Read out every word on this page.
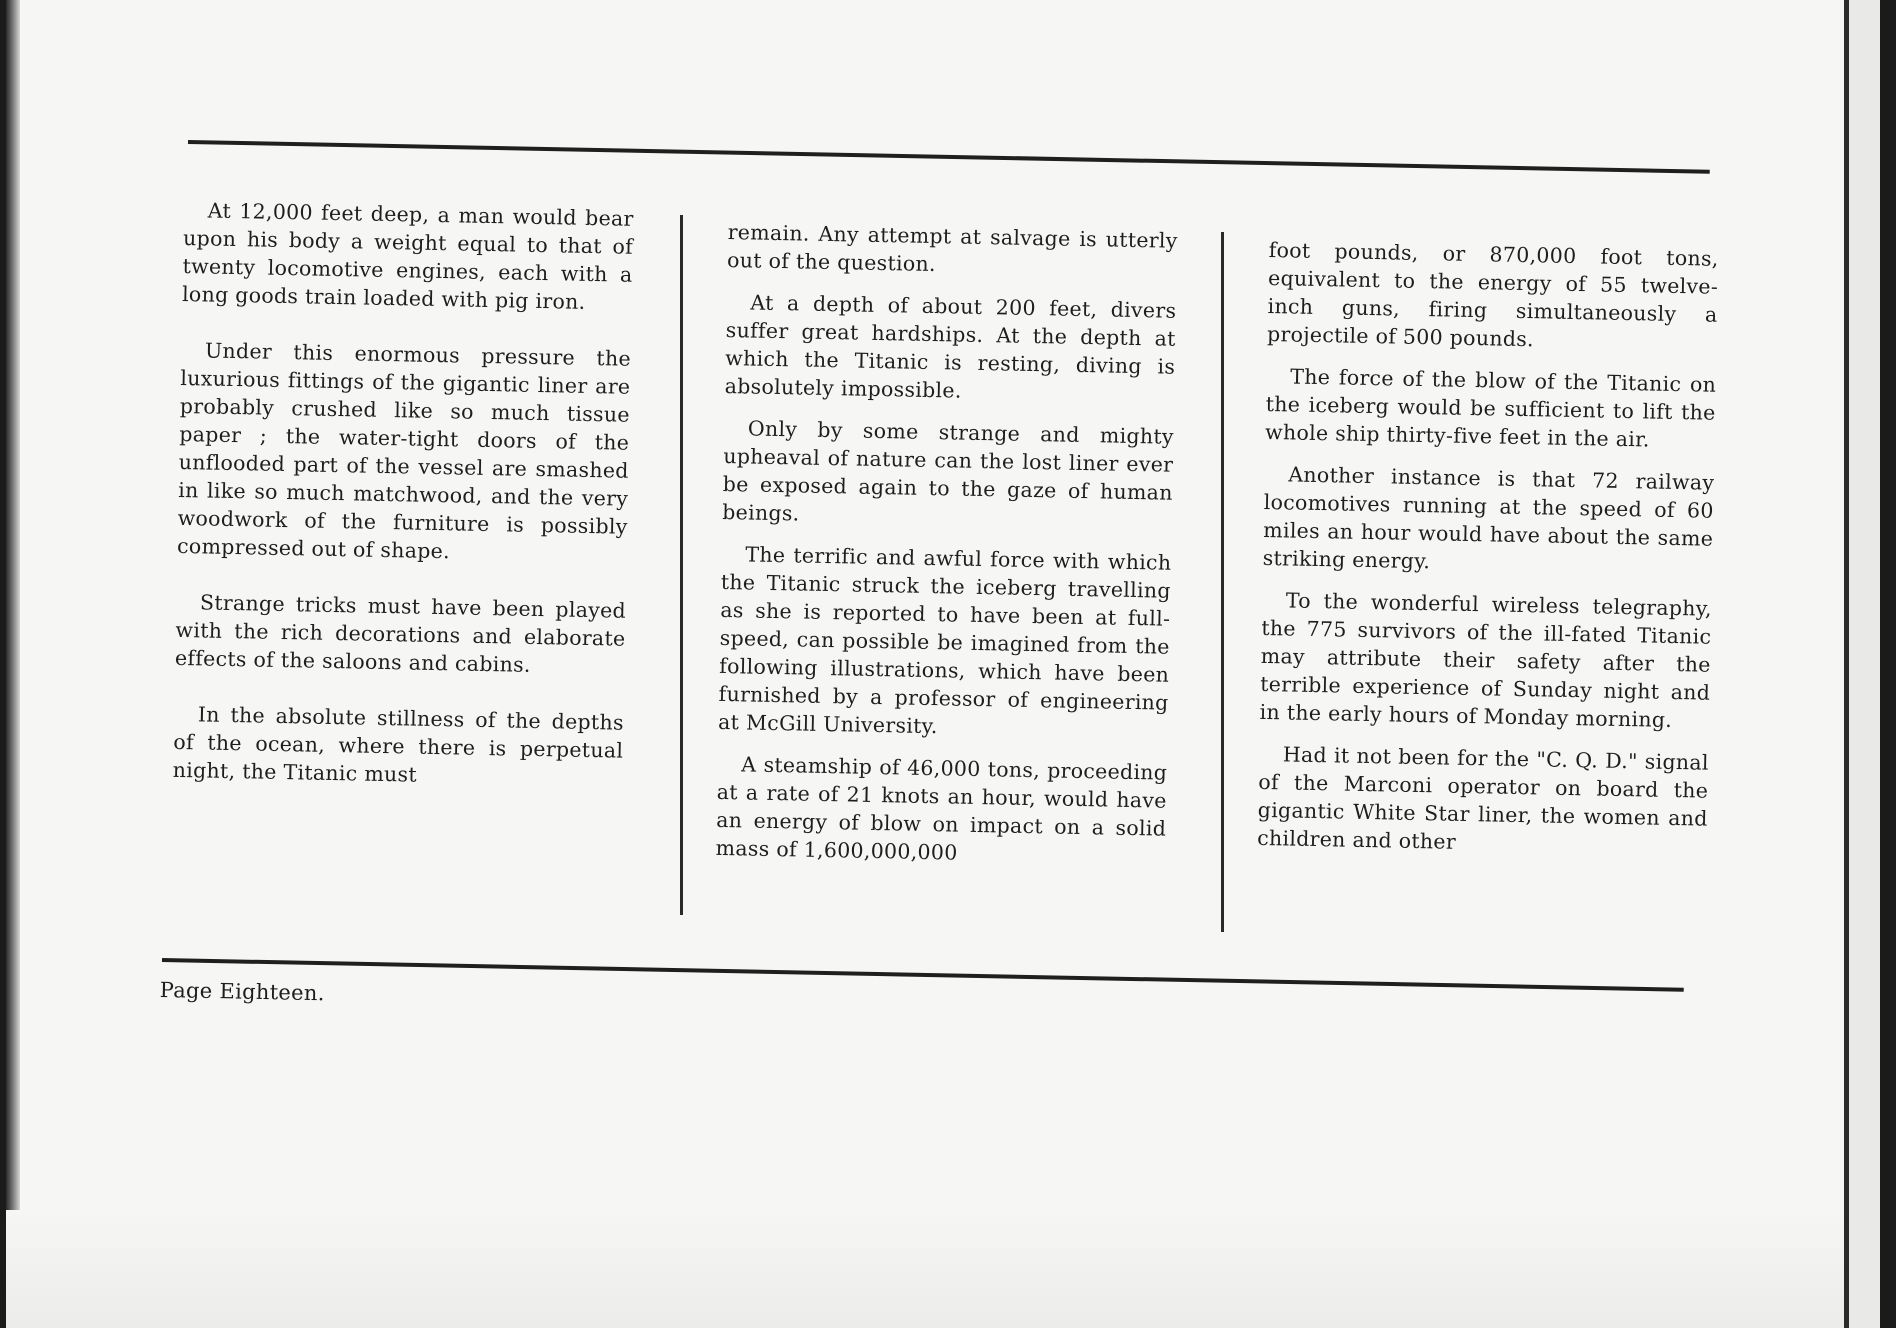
At 12,000 feet deep, a man would bear upon his body a weight equal to that of twenty locomotive engines, each with a long goods train loaded with pig iron.

Under this enormous pressure the luxurious fittings of the gigantic liner are probably crushed like so much tissue paper ; the water-tight doors of the unflooded part of the vessel are smashed in like so much matchwood, and the very woodwork of the furniture is possibly compressed out of shape.

Strange tricks must have been played with the rich decorations and elaborate effects of the saloons and cabins.

In the absolute stillness of the depths of the ocean, where there is perpetual night, the Titanic must

remain. Any attempt at salvage is utterly out of the question.

At a depth of about 200 feet, divers suffer great hardships. At the depth at which the Titanic is resting, diving is absolutely impossible.

Only by some strange and mighty upheaval of nature can the lost liner ever be exposed again to the gaze of human beings.

The terrific and awful force with which the Titanic struck the iceberg travelling as she is reported to have been at full-speed, can possible be imagined from the following illustrations, which have been furnished by a professor of engineering at McGill University.

A steamship of 46,000 tons, proceeding at a rate of 21 knots an hour, would have an energy of blow on impact on a solid mass of 1,600,000,000

foot pounds, or 870,000 foot tons, equivalent to the energy of 55 twelve-inch guns, firing simultaneously a projectile of 500 pounds.

The force of the blow of the Titanic on the iceberg would be sufficient to lift the whole ship thirty-five feet in the air.

Another instance is that 72 railway locomotives running at the speed of 60 miles an hour would have about the same striking energy.

To the wonderful wireless telegraphy, the 775 survivors of the ill-fated Titanic may attribute their safety after the terrible experience of Sunday night and in the early hours of Monday morning.

Had it not been for the "C. Q. D." signal of the Marconi operator on board the gigantic White Star liner, the women and children and other

Page Eighteen.
